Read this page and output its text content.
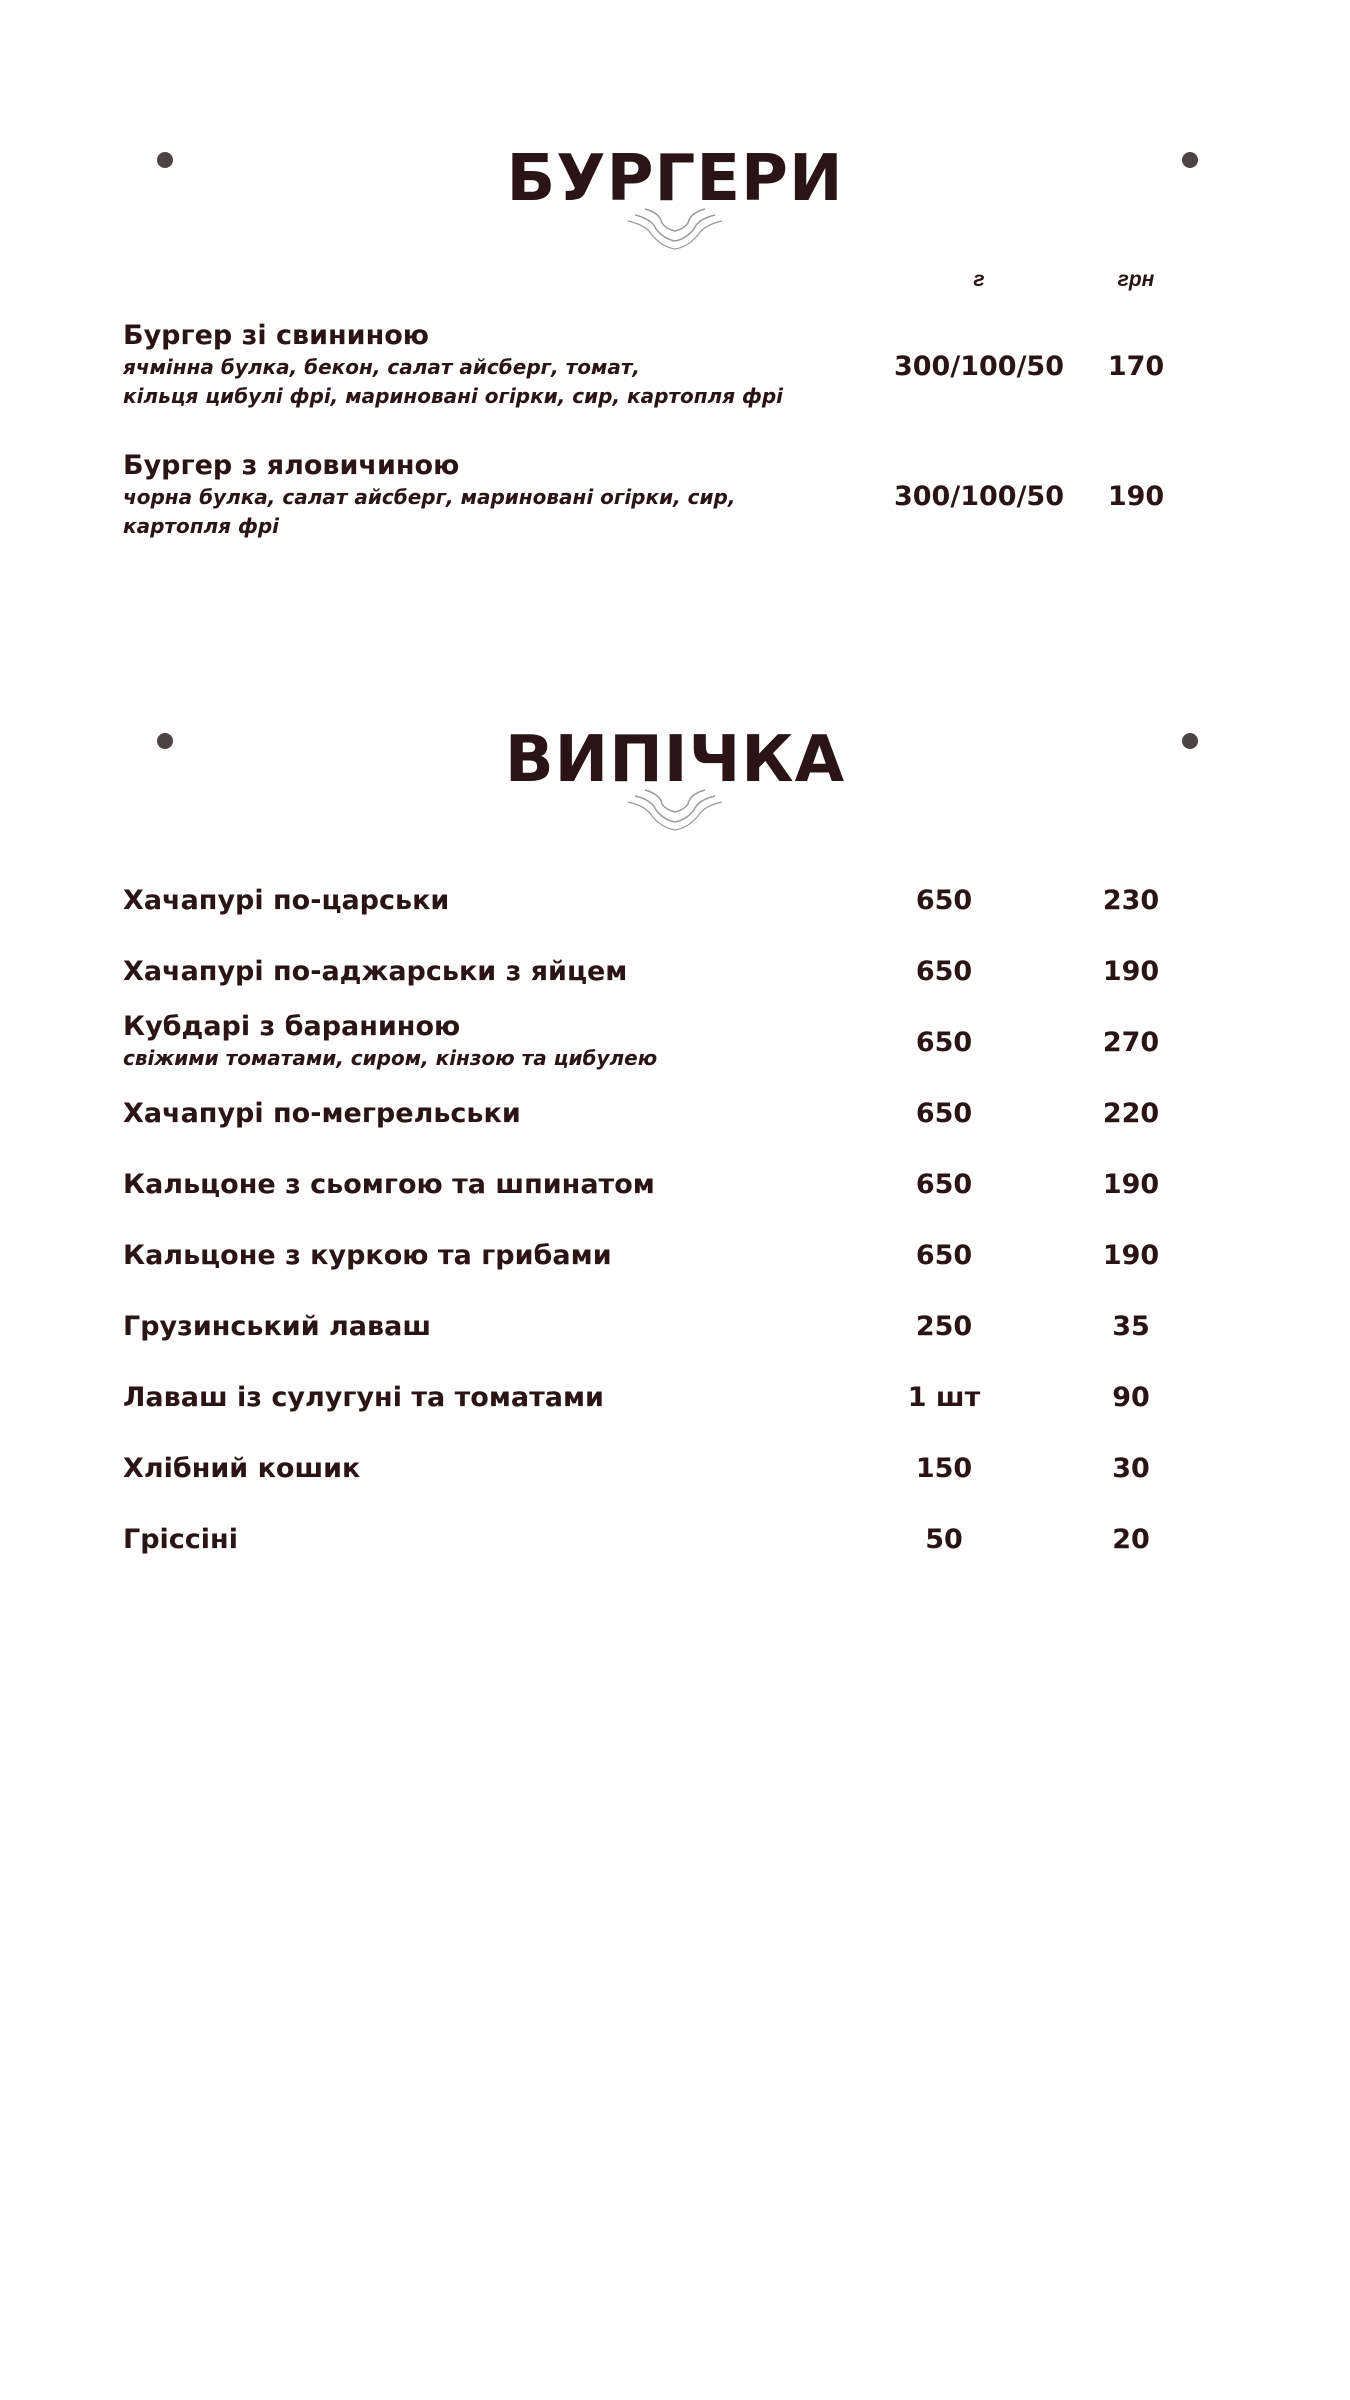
БУРГЕРИ
г	грн
Бургер зі свининою
ячмінна булка, бекон, салат айсберг, томат,
кільця цибулі фрі, мариновані огірки, сир, картопля фрі
300/100/50	170
Бургер з яловичиною
чорна булка, салат айсберг, мариновані огірки, сир,
картопля фрі
300/100/50	190
ВИПІЧКА
Хачапурі по-царськи	650	230
Хачапурі по-аджарськи з яйцем	650	190
Кубдарі з бараниною
свіжими томатами, сиром, кінзою та цибулею	650	270
Хачапурі по-мегрельськи	650	220
Кальцоне з сьомгою та шпинатом	650	190
Кальцоне з куркою та грибами	650	190
Грузинський лаваш	250	35
Лаваш із сулугуні та томатами	1 шт	90
Хлібний кошик	150	30
Гріссіні	50	20
